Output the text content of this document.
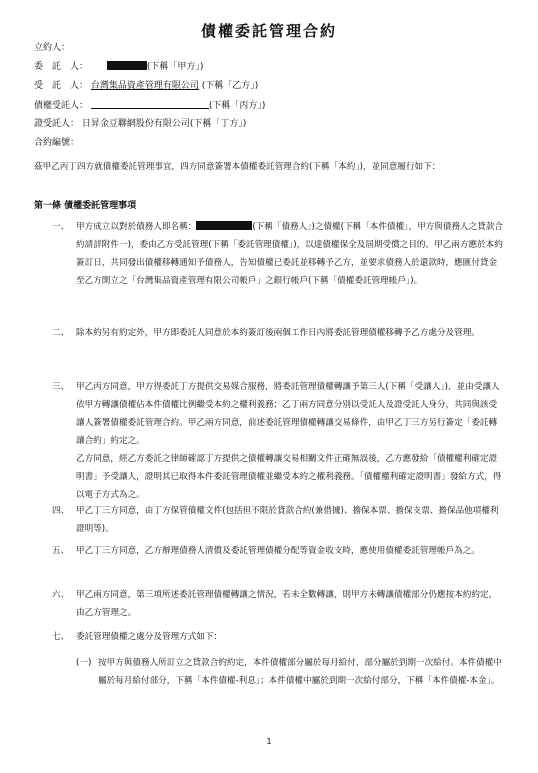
債權委託管理合約
立約人：
委　託　人：	(下稱「甲方」)
受　託　人： 台灣集品資產管理有限公司 (下稱「乙方」)
債權受託人：	(下稱「丙方」)
證受託人： 日昇金豆聯網股份有限公司(下稱「丁方」)
合約編號：
茲甲乙丙丁四方就債權委託管理事宜，四方同意簽署本債權委託管理合約(下稱「本約」)，並同意履行如下：
第一條 債權委託管理事項
一、 甲方成立以對於債務人即名稱：	(下稱「債務人」)之債權(下稱「本件債權」，甲方與債務人之貸款合約請詳附件一)，委由乙方受託管理(下稱「委託管理債權」)，以達債權保全及屆期受償之目的。甲乙兩方應於本約簽訂日，共同發出債權移轉通知予債務人，告知債權已委託並移轉予乙方，並要求債務人於還款時，應匯付貸金至乙方開立之「台灣集品資產管理有限公司帳戶」之銀行帳戶(下稱「債權委託管理帳戶」)。
二、 除本約另有約定外，甲方即委託人同意於本約簽訂後兩個工作日內將委託管理債權移轉予乙方處分及管理。
三、 甲乙丙方同意，甲方得委託丁方提供交易媒合服務，將委託管理債權轉讓予第三人(下稱「受讓人」)，並由受讓人依甲方轉讓債權佔本件債權比例繼受本約之權利義務；乙丁兩方同意分別以受託人及證受託人身分，共同與該受讓人簽署債權委託管理合約。甲乙兩方同意，前述委託管理債權轉讓交易條件，由甲乙丁三方另行簽定「委託轉讓合約」約定之。
乙方同意，經乙方委託之律師確認丁方提供之債權轉讓交易相關文件正確無誤後，乙方應發給「債權權利確定證明書」予受讓人，證明其已取得本件委託管理債權並繼受本約之權利義務。「債權權利確定證明書」發給方式，得以電子方式為之。
四、 甲乙丁三方同意，由丁方保管債權文件(包括但不限於貸款合約(兼借據)、擔保本票、擔保支票、擔保品他項權利證明等)。
五、 甲乙丁三方同意，乙方辦理債務人清償及委託管理債權分配等資金收支時，應使用債權委託管理帳戶為之。
六、 甲乙兩方同意，第三項所述委託管理債權轉讓之情況，若未全數轉讓，則甲方未轉讓債權部分仍應按本約約定，由乙方管理之。
七、 委託管理債權之處分及管理方式如下：
(一) 按甲方與債務人所訂立之貸款合約約定，本件債權部分屬於每月給付，部分屬於到期一次給付。本件債權中屬於每月給付部分，下稱「本件債權-利息」；本件債權中屬於到期一次給付部分，下稱「本件債權-本金」。
1
